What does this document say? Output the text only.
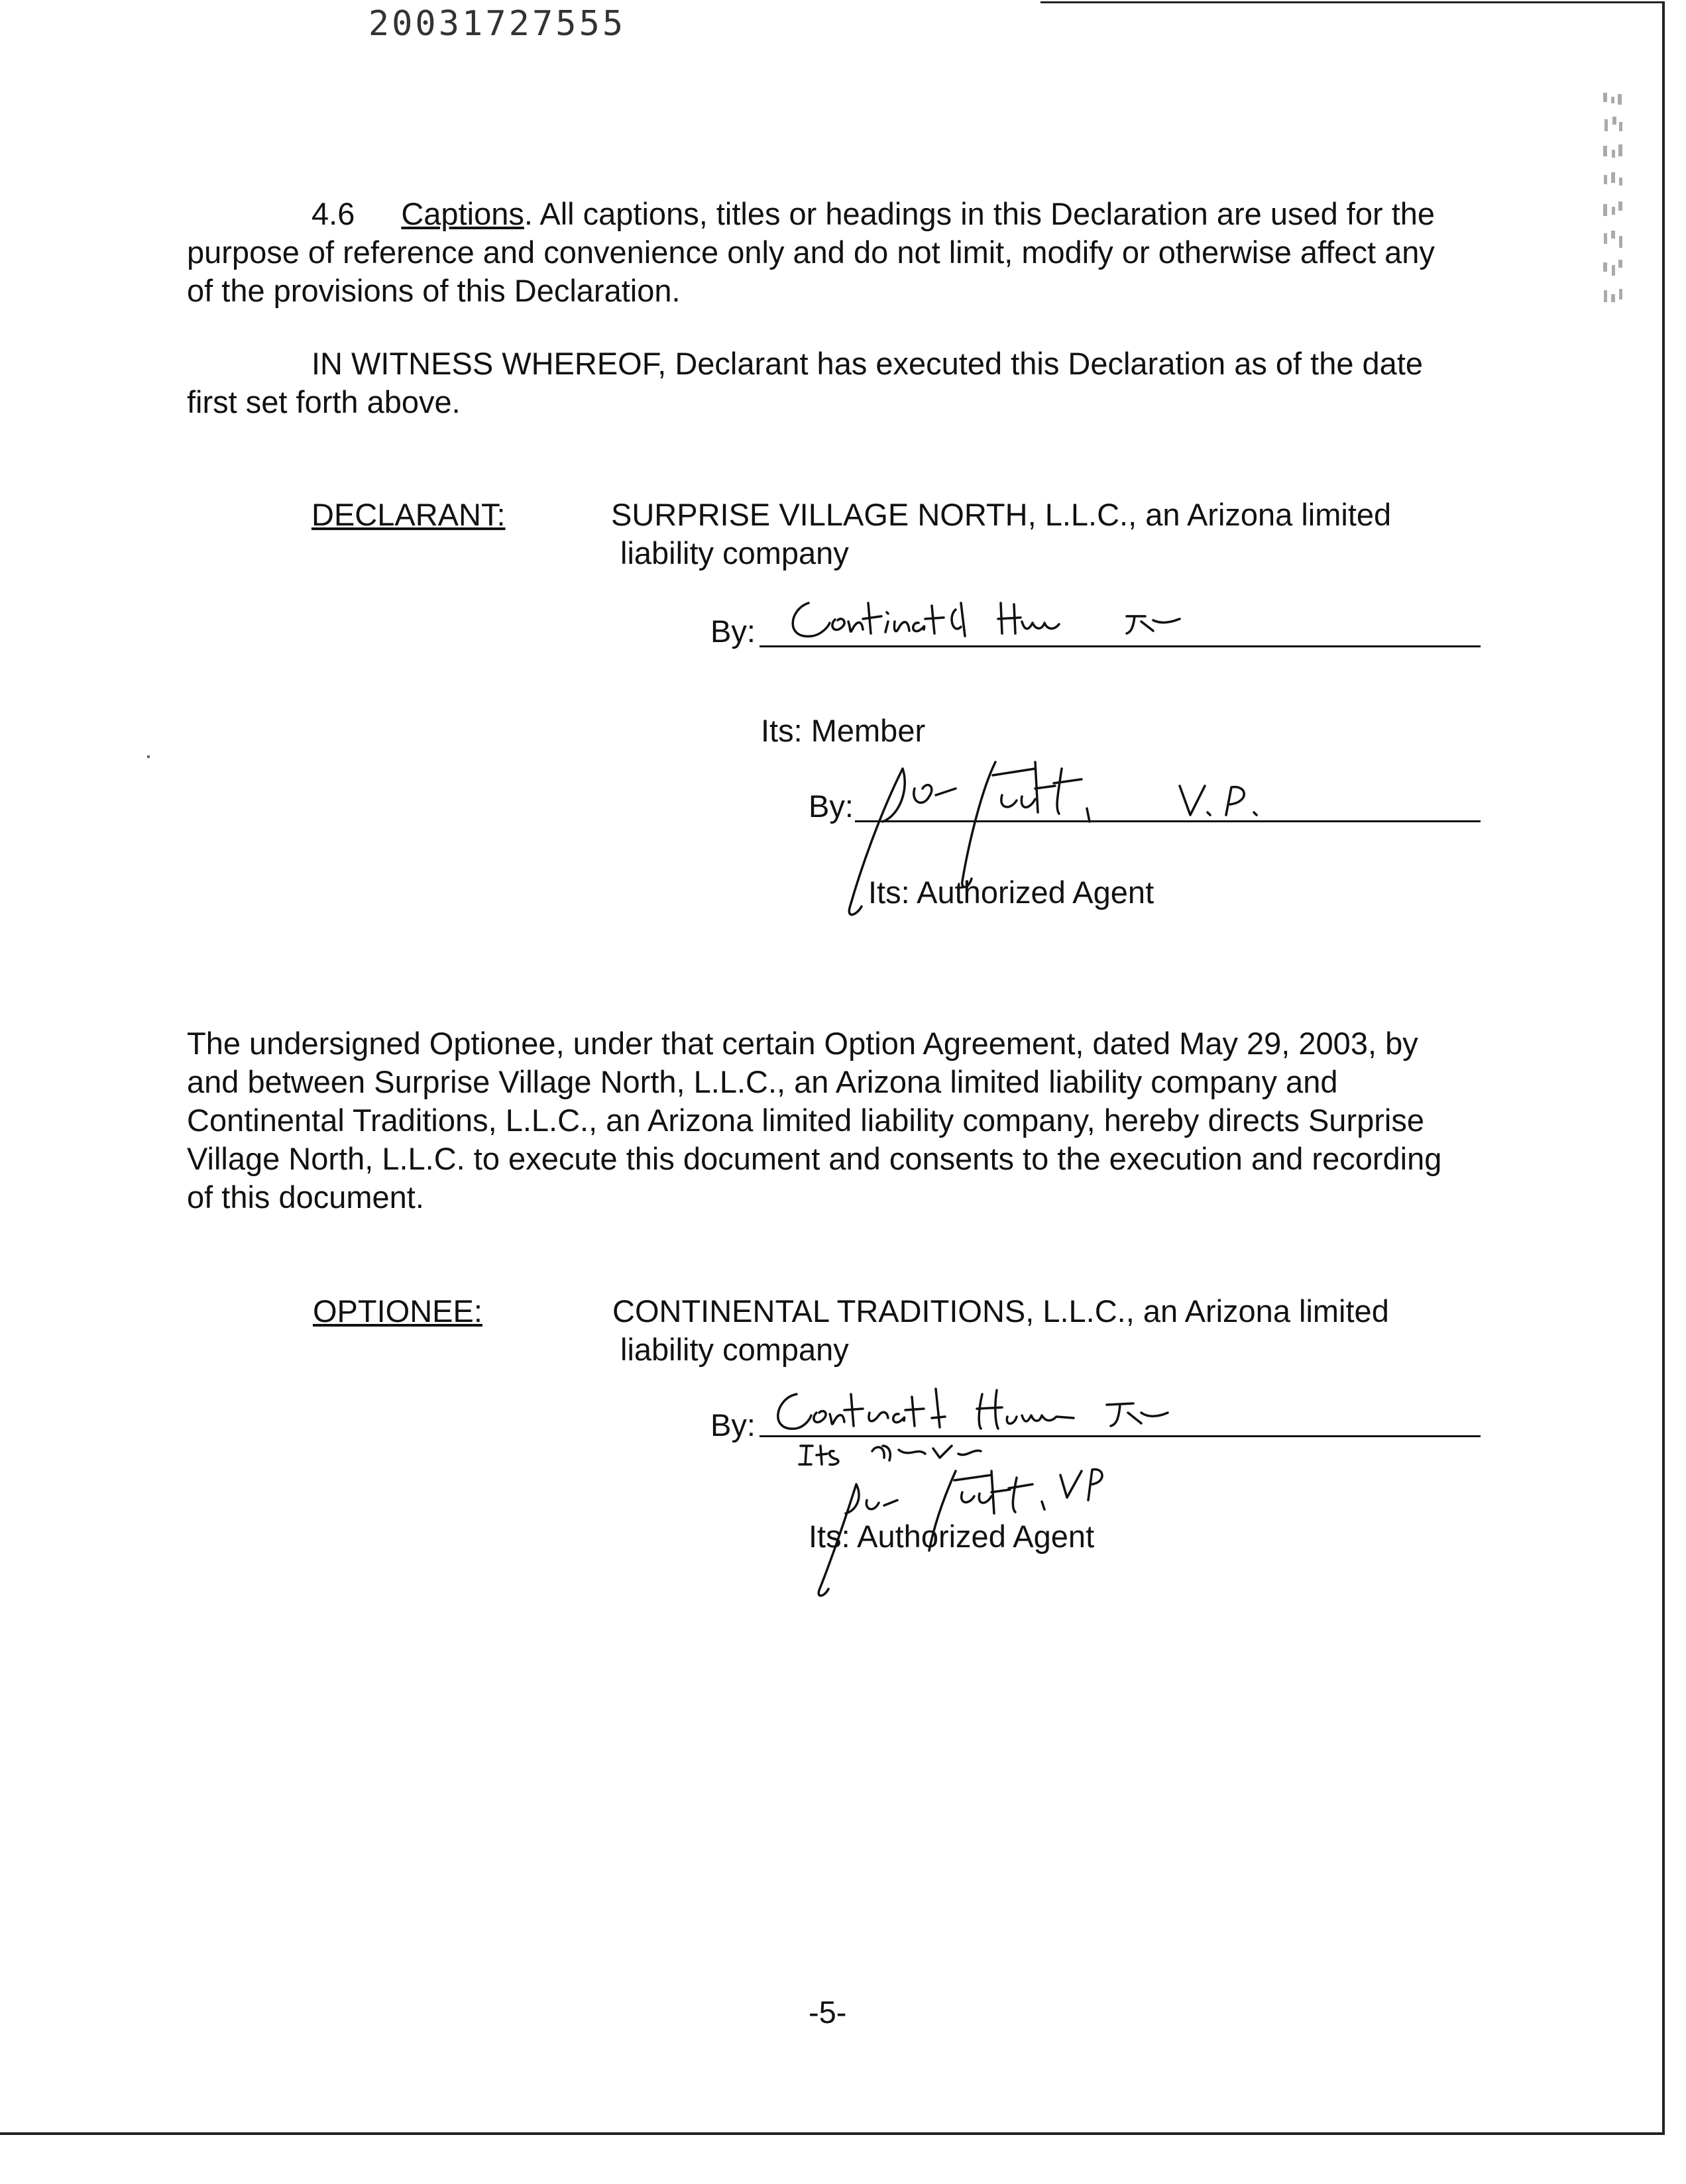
20031727555
4.6 Captions. All captions, titles or headings in this Declaration are used for the
purpose of reference and convenience only and do not limit, modify or otherwise affect any
of the provisions of this Declaration.
IN WITNESS WHEREOF, Declarant has executed this Declaration as of the date
first set forth above.
DECLARANT:	SURPRISE VILLAGE NORTH, L.L.C., an Arizona limited
liability company
By:
Its: Member
By:
Its: Authorized Agent
The undersigned Optionee, under that certain Option Agreement, dated May 29, 2003, by
and between Surprise Village North, L.L.C., an Arizona limited liability company and
Continental Traditions, L.L.C., an Arizona limited liability company, hereby directs Surprise
Village North, L.L.C. to execute this document and consents to the execution and recording
of this document.
OPTIONEE:	CONTINENTAL TRADITIONS, L.L.C., an Arizona limited
liability company
By:
Its: Authorized Agent
-5-
